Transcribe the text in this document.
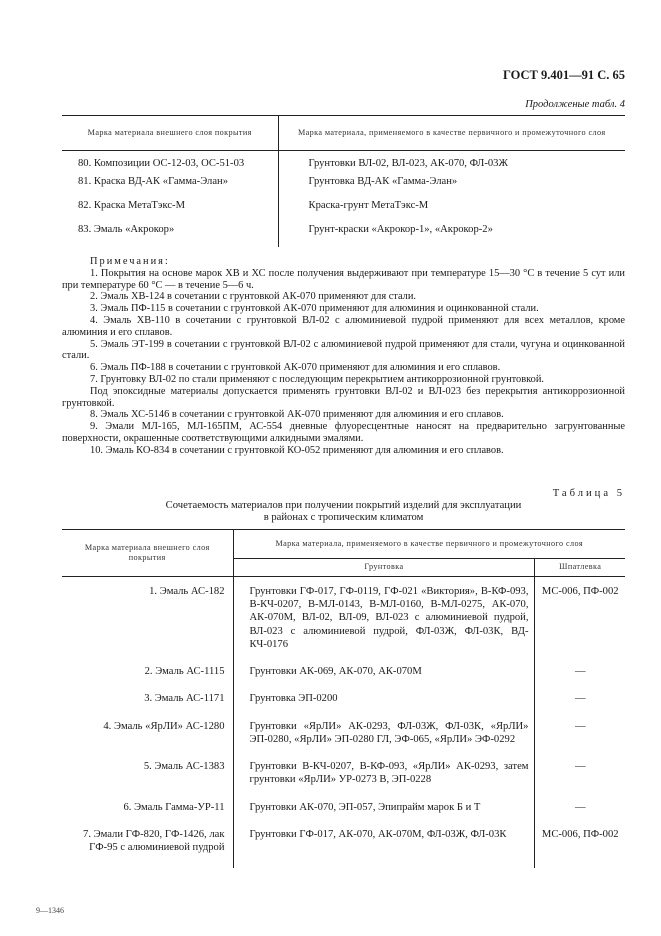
ГОСТ 9.401—91 С. 65
Продолженые табл. 4
Марка материала внешнего слоя покрытия	Марка материала, применяемого в качестве первичного и промежуточного слоя
80. Композиции ОС-12-03, ОС-51-03	Грунтовки ВЛ-02, ВЛ-023, АК-070, ФЛ-03Ж
81. Краска ВД-АК «Гамма-Элан»	Грунтовка ВД-АК «Гамма-Элан»
82. Краска МетаТэкс-М	Краска-грунт МетаТэкс-М
83. Эмаль «Акрокор»	Грунт-краски «Акрокор-1», «Акрокор-2»
Примечания:

1. Покрытия на основе марок ХВ и ХС после получения выдерживают при температуре 15—30 °С в течение 5 сут или при температуре 60 °С — в течение 5—6 ч.

2. Эмаль ХВ-124 в сочетании с грунтовкой АК-070 применяют для стали.

3. Эмаль ПФ-115 в сочетании с грунтовкой АК-070 применяют для алюминия и оцинкованной стали.

4. Эмаль ХВ-110 в сочетании с грунтовкой ВЛ-02 с алюминиевой пудрой применяют для всех металлов, кроме алюминия и его сплавов.

5. Эмаль ЭТ-199 в сочетании с грунтовкой ВЛ-02 с алюминиевой пудрой применяют для стали, чугуна и оцинкованной стали.

6. Эмаль ПФ-188 в сочетании с грунтовкой АК-070 применяют для алюминия и его сплавов.

7. Грунтовку ВЛ-02 по стали применяют с последующим перекрытием антикоррозионной грунтовкой.

Под эпоксидные материалы допускается применять грунтовки ВЛ-02 и ВЛ-023 без перекрытия антикоррозионной грунтовкой.

8. Эмаль ХС-5146 в сочетании с грунтовкой АК-070 применяют для алюминия и его сплавов.

9. Эмали МЛ-165, МЛ-165ПМ, АС-554 дневные флуоресцентные наносят на предварительно загрунтованные поверхности, окрашенные соответствующими алкидными эмалями.

10. Эмаль КО-834 в сочетании с грунтовкой КО-052 применяют для алюминия и его сплавов.

Таблица 5
Сочетаемость материалов при получении покрытий изделий для эксплуатации
в районах с тропическим климатом
Марка материала внешнего слоя покрытия	Марка материала, применяемого в качестве первичного и промежуточного слоя	
	Грунтовка	Шпатлевка
1. Эмаль АС-182	Грунтовки ГФ-017, ГФ-0119, ГФ-021 «Виктория», В-КФ-093, В-КЧ-0207, В-МЛ-0143, В-МЛ-0160, В-МЛ-0275, АК-070, АК-070М, ВЛ-02, ВЛ-09, ВЛ-023 с алюминиевой пудрой, ВЛ-023 с алюминиевой пудрой, ФЛ-03Ж, ФЛ-03К, ВД-КЧ-0176	МС-006, ПФ-002
2. Эмаль АС-1115	Грунтовки АК-069, АК-070, АК-070М	—
3. Эмаль АС-1171	Грунтовка ЭП-0200	—
4. Эмаль «ЯрЛИ» АС-1280	Грунтовки «ЯрЛИ» АК-0293, ФЛ-03Ж, ФЛ-03К, «ЯрЛИ» ЭП-0280, «ЯрЛИ» ЭП-0280 ГЛ, ЭФ-065, «ЯрЛИ» ЭФ-0292	—
5. Эмаль АС-1383	Грунтовки В-КЧ-0207, В-КФ-093, «ЯрЛИ» АК-0293, затем грунтовки «ЯрЛИ» УР-0273 В, ЭП-0228	—
6. Эмаль Гамма-УР-11	Грунтовки АК-070, ЭП-057, Эпипрайм марок Б и Т	—
7. Эмали ГФ-820, ГФ-1426, лак ГФ-95 с алюминиевой пудрой	Грунтовки ГФ-017, АК-070, АК-070М, ФЛ-03Ж, ФЛ-03К	МС-006, ПФ-002
9—1346
